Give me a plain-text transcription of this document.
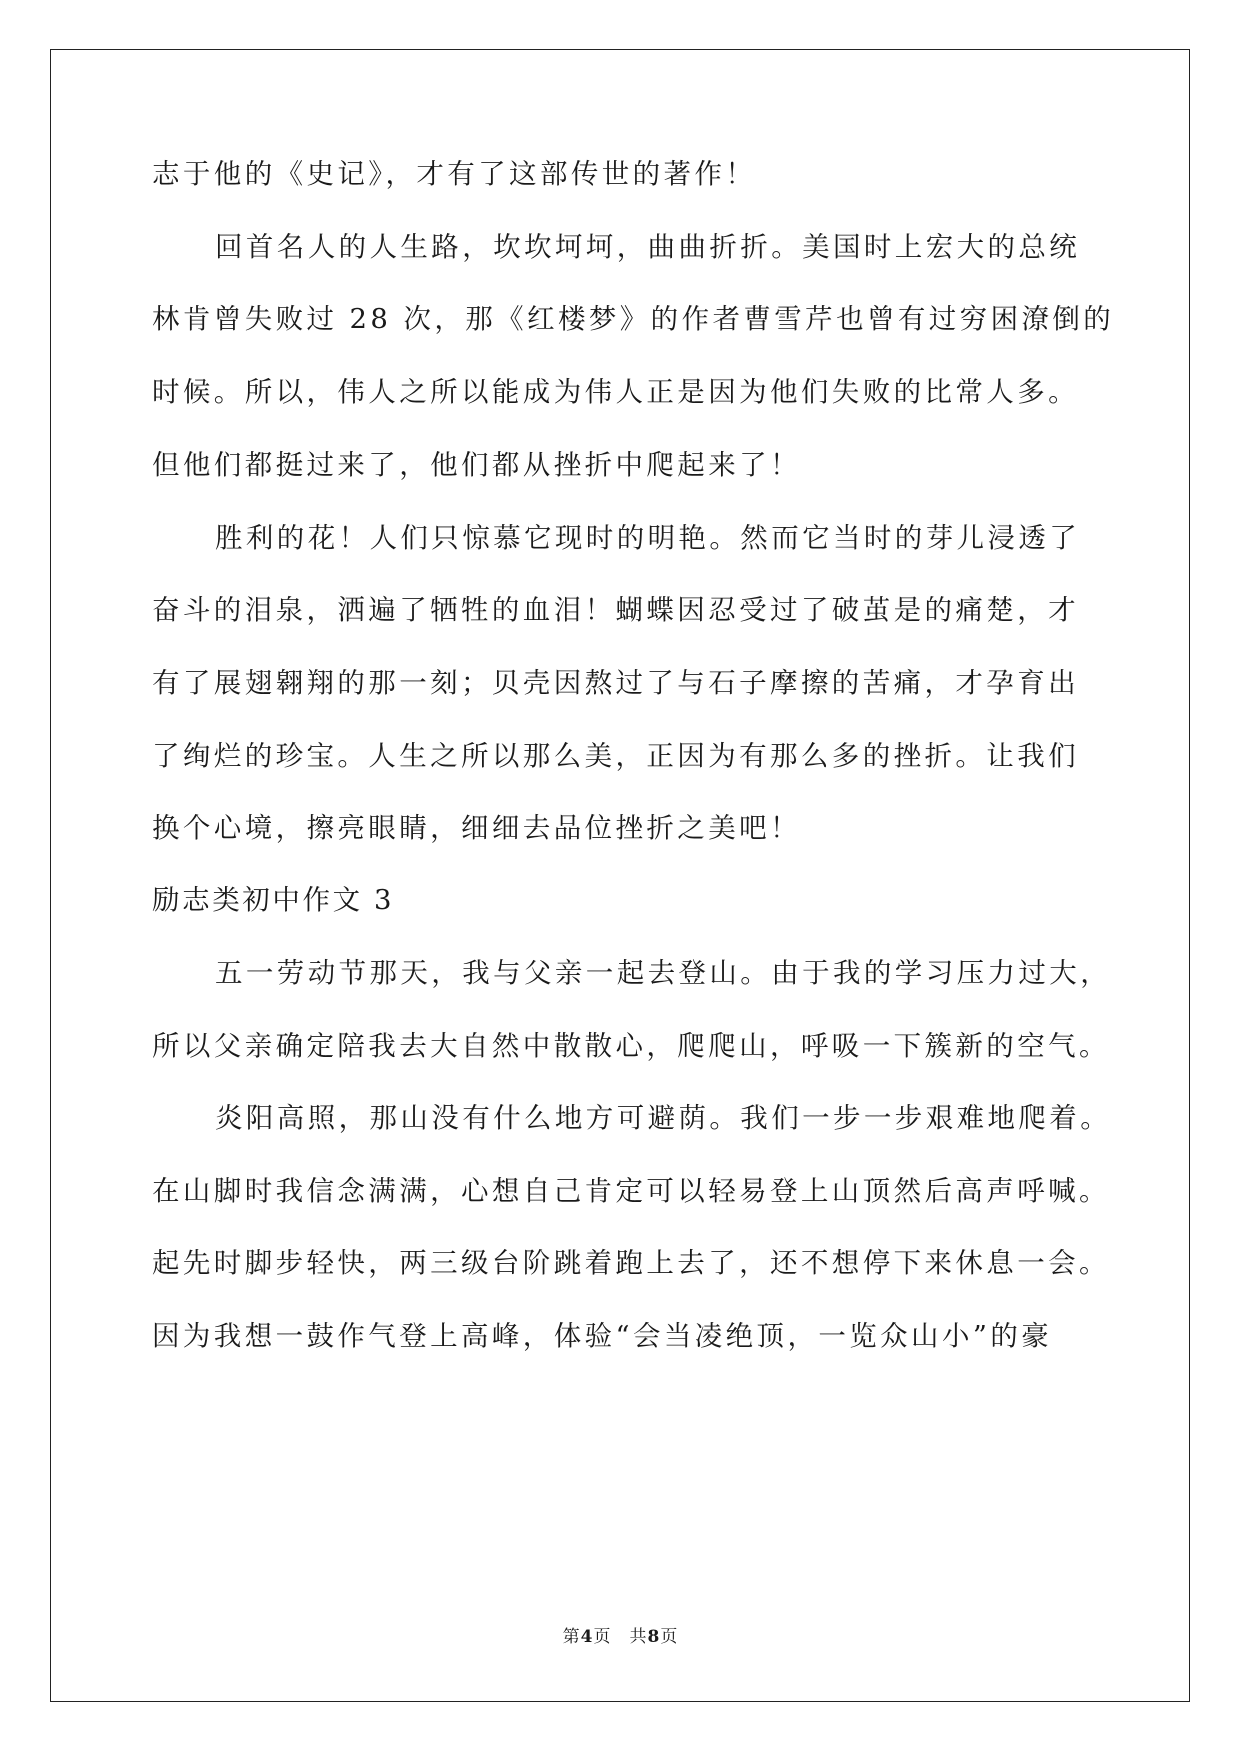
志于他的《史记》，才有了这部传世的著作！
回首名人的人生路，坎坎坷坷，曲曲折折。美国时上宏大的总统
林肯曾失败过 28 次，那《红楼梦》的作者曹雪芹也曾有过穷困潦倒的
时候。所以，伟人之所以能成为伟人正是因为他们失败的比常人多。
但他们都挺过来了，他们都从挫折中爬起来了！
胜利的花！人们只惊慕它现时的明艳。然而它当时的芽儿浸透了
奋斗的泪泉，洒遍了牺牲的血泪！蝴蝶因忍受过了破茧是的痛楚，才
有了展翅翱翔的那一刻；贝壳因熬过了与石子摩擦的苦痛，才孕育出
了绚烂的珍宝。人生之所以那么美，正因为有那么多的挫折。让我们
换个心境，擦亮眼睛，细细去品位挫折之美吧！
励志类初中作文 3
五一劳动节那天，我与父亲一起去登山。由于我的学习压力过大，
所以父亲确定陪我去大自然中散散心，爬爬山，呼吸一下簇新的空气。
炎阳高照，那山没有什么地方可避荫。我们一步一步艰难地爬着。
在山脚时我信念满满，心想自己肯定可以轻易登上山顶然后高声呼喊。
起先时脚步轻快，两三级台阶跳着跑上去了，还不想停下来休息一会。
因为我想一鼓作气登上高峰，体验“会当凌绝顶，一览众山小”的豪
第4页　共8页
